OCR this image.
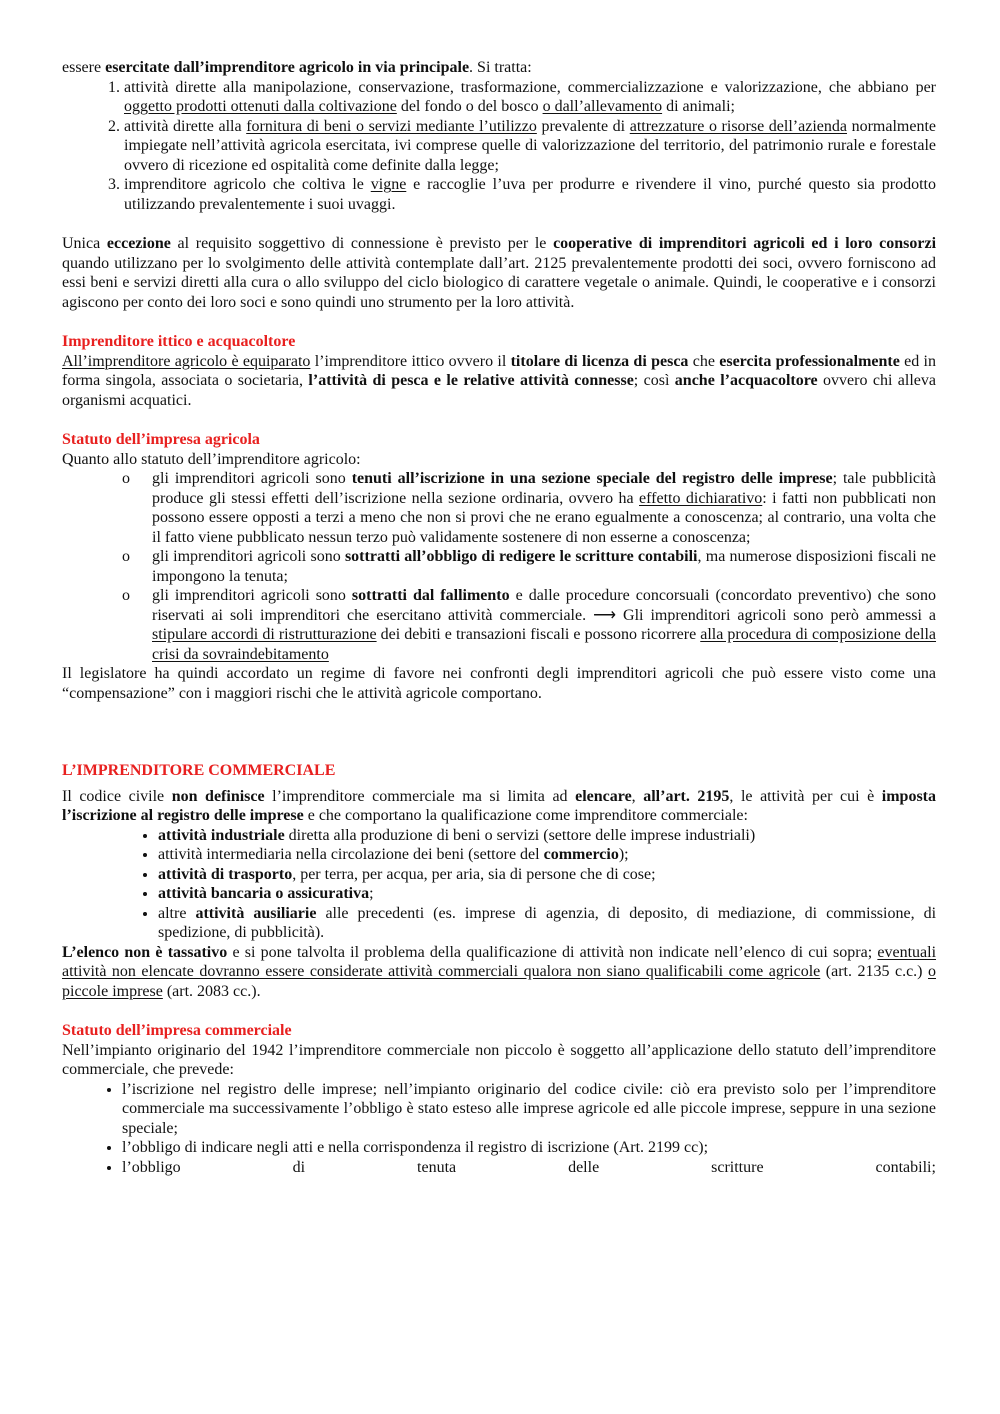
essere esercitate dall’imprenditore agricolo in via principale. Si tratta:

1. attività dirette alla manipolazione, conservazione, trasformazione, commercializzazione e valorizzazione, che abbiano per oggetto prodotti ottenuti dalla coltivazione del fondo o del bosco o dall’allevamento di animali;
2. attività dirette alla fornitura di beni o servizi mediante l’utilizzo prevalente di attrezzature o risorse dell’azienda normalmente impiegate nell’attività agricola esercitata, ivi comprese quelle di valorizzazione del territorio, del patrimonio rurale e forestale ovvero di ricezione ed ospitalità come definite dalla legge;
3. imprenditore agricolo che coltiva le vigne e raccoglie l’uva per produrre e rivendere il vino, purché questo sia prodotto utilizzando prevalentemente i suoi uvaggi.

Unica eccezione al requisito soggettivo di connessione è previsto per le cooperative di imprenditori agricoli ed i loro consorzi quando utilizzano per lo svolgimento delle attività contemplate dall’art. 2125 prevalentemente prodotti dei soci, ovvero forniscono ad essi beni e servizi diretti alla cura o allo sviluppo del ciclo biologico di carattere vegetale o animale. Quindi, le cooperative e i consorzi agiscono per conto dei loro soci e sono quindi uno strumento per la loro attività.

Imprenditore ittico e acquacoltore

All’imprenditore agricolo è equiparato l’imprenditore ittico ovvero il titolare di licenza di pesca che esercita professionalmente ed in forma singola, associata o societaria, l’attività di pesca e le relative attività connesse; così anche l’acquacoltore ovvero chi alleva organismi acquatici.

Statuto dell’impresa agricola

Quanto allo statuto dell’imprenditore agricolo:

o gli imprenditori agricoli sono tenuti all’iscrizione in una sezione speciale del registro delle imprese; tale pubblicità produce gli stessi effetti dell’iscrizione nella sezione ordinaria, ovvero ha effetto dichiarativo: i fatti non pubblicati non possono essere opposti a terzi a meno che non si provi che ne erano egualmente a conoscenza; al contrario, una volta che il fatto viene pubblicato nessun terzo può validamente sostenere di non esserne a conoscenza;
o gli imprenditori agricoli sono sottratti all’obbligo di redigere le scritture contabili, ma numerose disposizioni fiscali ne impongono la tenuta;
o gli imprenditori agricoli sono sottratti dal fallimento e dalle procedure concorsuali (concordato preventivo) che sono riservati ai soli imprenditori che esercitano attività commerciale. ⟶ Gli imprenditori agricoli sono però ammessi a stipulare accordi di ristrutturazione dei debiti e transazioni fiscali e possono ricorrere alla procedura di composizione della crisi da sovraindebitamento

Il legislatore ha quindi accordato un regime di favore nei confronti degli imprenditori agricoli che può essere visto come una “compensazione” con i maggiori rischi che le attività agricole comportano.

L’IMPRENDITORE COMMERCIALE

Il codice civile non definisce l’imprenditore commerciale ma si limita ad elencare, all’art. 2195, le attività per cui è imposta l’iscrizione al registro delle imprese e che comportano la qualificazione come imprenditore commerciale:

• attività industriale diretta alla produzione di beni o servizi (settore delle imprese industriali)
• attività intermediaria nella circolazione dei beni (settore del commercio);
• attività di trasporto, per terra, per acqua, per aria, sia di persone che di cose;
• attività bancaria o assicurativa;
• altre attività ausiliarie alle precedenti (es. imprese di agenzia, di deposito, di mediazione, di commissione, di spedizione, di pubblicità).

L’elenco non è tassativo e si pone talvolta il problema della qualificazione di attività non indicate nell’elenco di cui sopra; eventuali attività non elencate dovranno essere considerate attività commerciali qualora non siano qualificabili come agricole (art. 2135 c.c.) o piccole imprese (art. 2083 cc.).

Statuto dell’impresa commerciale

Nell’impianto originario del 1942 l’imprenditore commerciale non piccolo è soggetto all’applicazione dello statuto dell’imprenditore commerciale, che prevede:

• l’iscrizione nel registro delle imprese; nell’impianto originario del codice civile: ciò era previsto solo per l’imprenditore commerciale ma successivamente l’obbligo è stato esteso alle imprese agricole ed alle piccole imprese, seppure in una sezione speciale;
• l’obbligo di indicare negli atti e nella corrispondenza il registro di iscrizione (Art. 2199 cc);
• l’obbligo	di	tenuta	delle	scritture	contabili;
